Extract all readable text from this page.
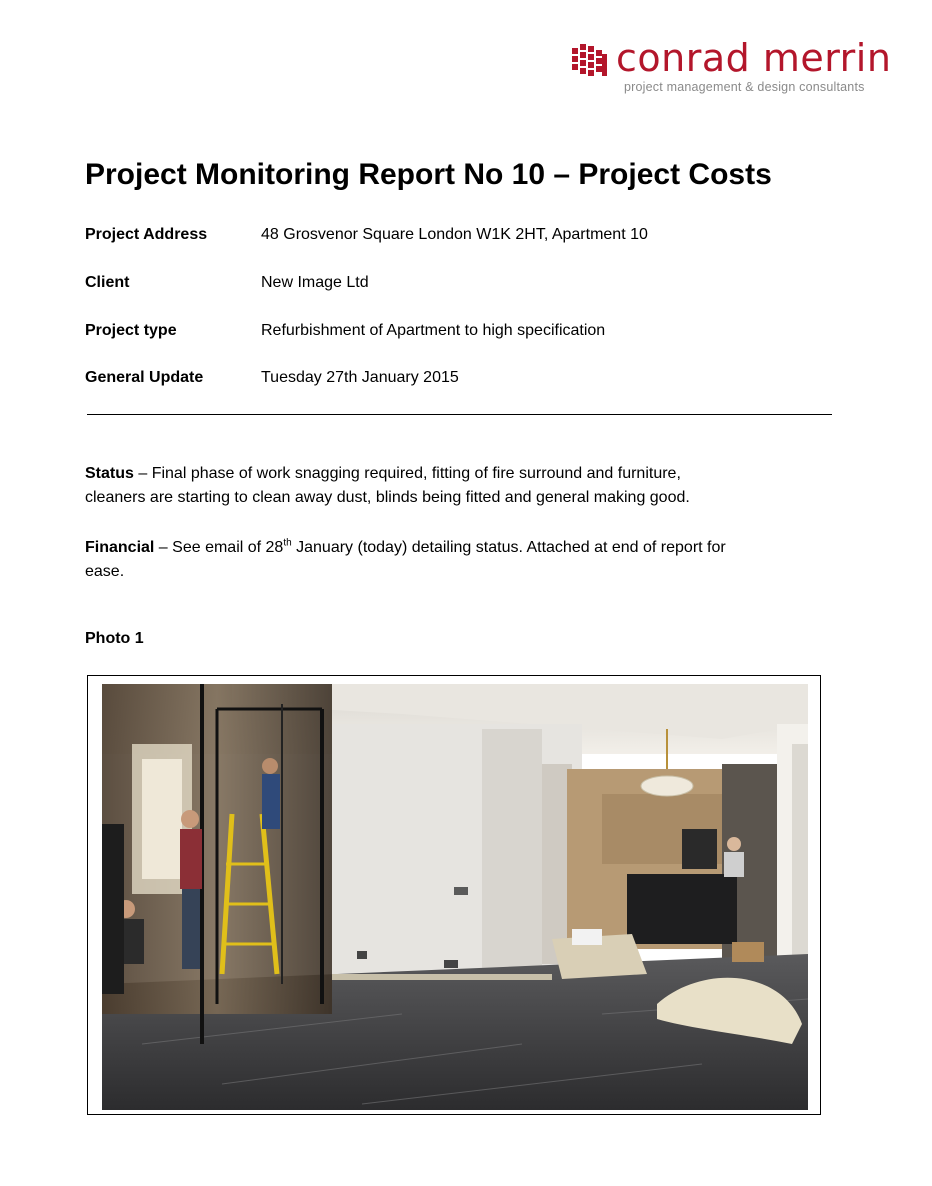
conrad merrin
project management & design consultants
Project Monitoring Report No 10 – Project Costs
Project Address	48 Grosvenor Square London W1K 2HT, Apartment 10
Client	New Image Ltd
Project type	Refurbishment of Apartment to high specification
General Update	Tuesday 27th January 2015

Status – Final phase of work snagging required, fitting of fire surround and furniture,
cleaners are starting to clean away dust, blinds being fitted and general making good.

Financial – See email of 28th January (today) detailing status. Attached at end of report for
ease.

Photo 1
